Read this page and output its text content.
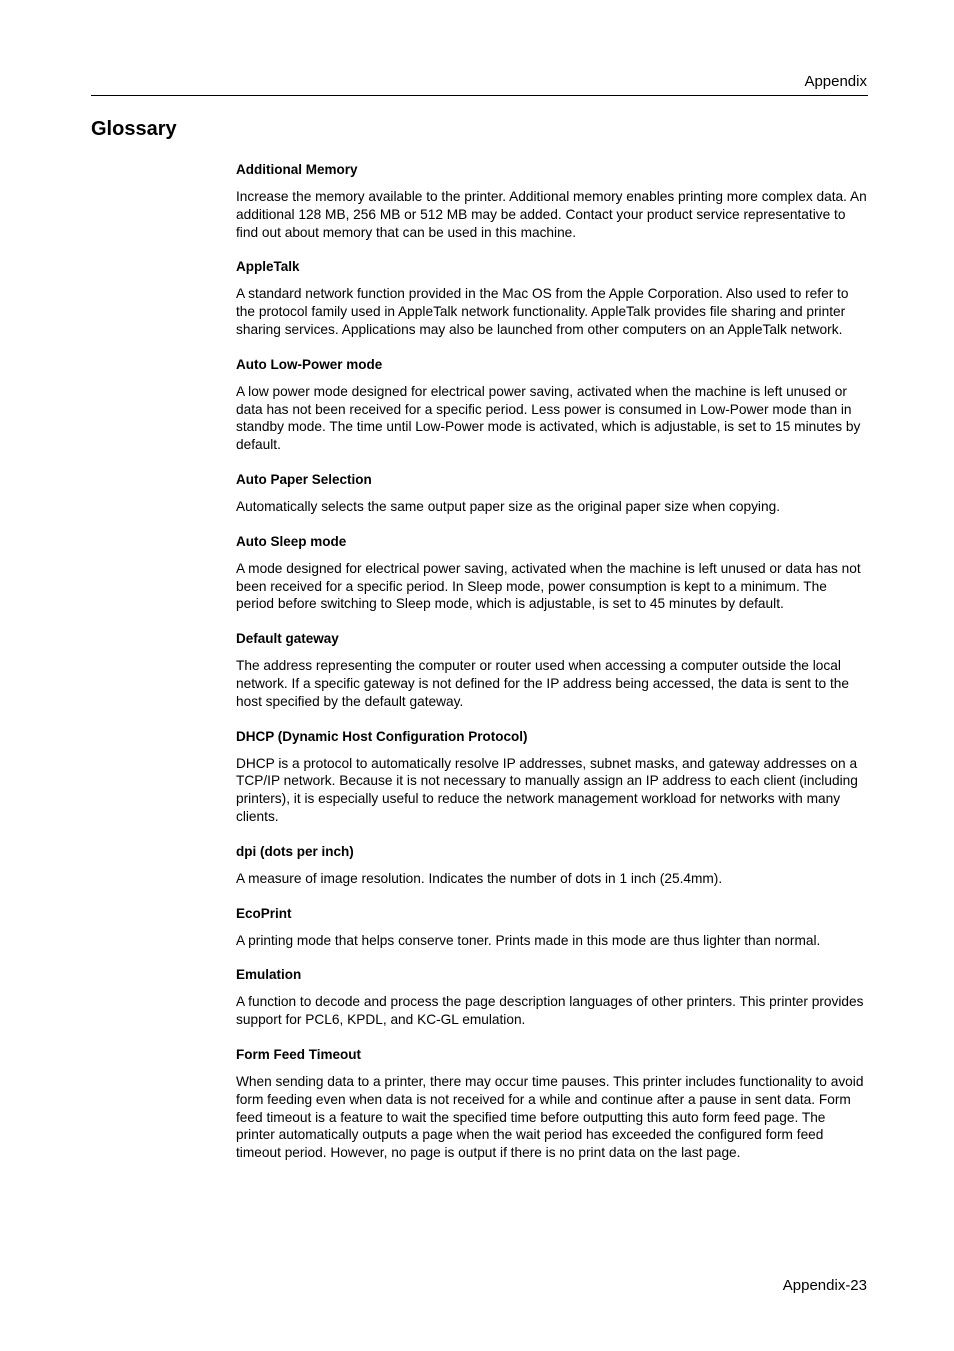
Appendix
Glossary
Additional Memory
Increase the memory available to the printer. Additional memory enables printing more complex data. An additional 128 MB, 256 MB or 512 MB may be added. Contact your product service representative to find out about memory that can be used in this machine.
AppleTalk
A standard network function provided in the Mac OS from the Apple Corporation. Also used to refer to the protocol family used in AppleTalk network functionality. AppleTalk provides file sharing and printer sharing services. Applications may also be launched from other computers on an AppleTalk network.
Auto Low-Power mode
A low power mode designed for electrical power saving, activated when the machine is left unused or data has not been received for a specific period. Less power is consumed in Low-Power mode than in standby mode. The time until Low-Power mode is activated, which is adjustable, is set to 15 minutes by default.
Auto Paper Selection
Automatically selects the same output paper size as the original paper size when copying.
Auto Sleep mode
A mode designed for electrical power saving, activated when the machine is left unused or data has not been received for a specific period. In Sleep mode, power consumption is kept to a minimum. The period before switching to Sleep mode, which is adjustable, is set to 45 minutes by default.
Default gateway
The address representing the computer or router used when accessing a computer outside the local network. If a specific gateway is not defined for the IP address being accessed, the data is sent to the host specified by the default gateway.
DHCP (Dynamic Host Configuration Protocol)
DHCP is a protocol to automatically resolve IP addresses, subnet masks, and gateway addresses on a TCP/IP network. Because it is not necessary to manually assign an IP address to each client (including printers), it is especially useful to reduce the network management workload for networks with many clients.
dpi (dots per inch)
A measure of image resolution. Indicates the number of dots in 1 inch (25.4mm).
EcoPrint
A printing mode that helps conserve toner. Prints made in this mode are thus lighter than normal.
Emulation
A function to decode and process the page description languages of other printers. This printer provides support for PCL6, KPDL, and KC-GL emulation.
Form Feed Timeout
When sending data to a printer, there may occur time pauses. This printer includes functionality to avoid form feeding even when data is not received for a while and continue after a pause in sent data. Form feed timeout is a feature to wait the specified time before outputting this auto form feed page. The printer automatically outputs a page when the wait period has exceeded the configured form feed timeout period. However, no page is output if there is no print data on the last page.
Appendix-23
